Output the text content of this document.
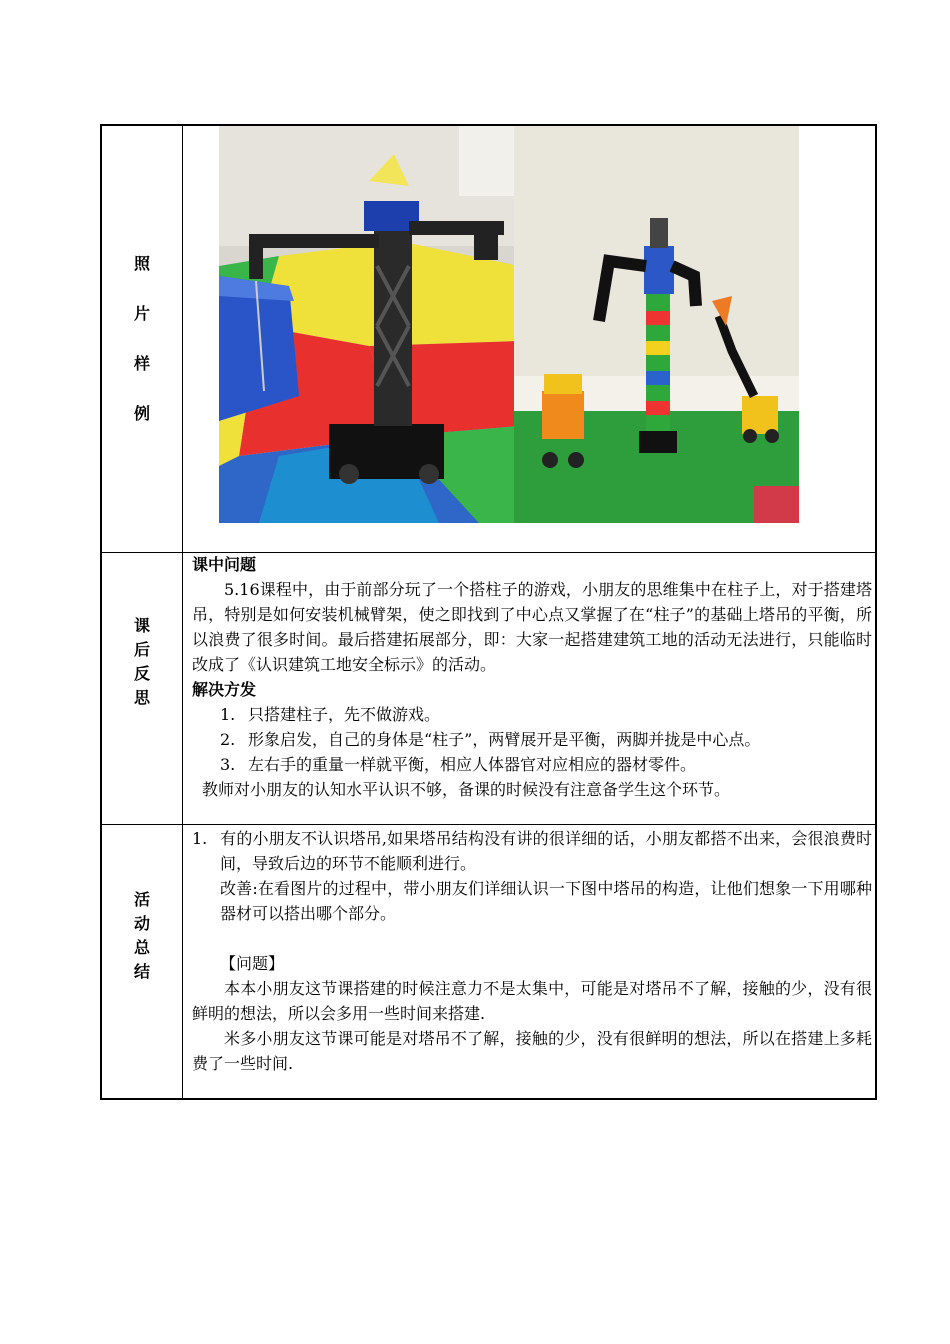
照
片
样
例
课
后
反
思

课中问题

5.16课程中，由于前部分玩了一个搭柱子的游戏，小朋友的思维集中在柱子上，对于搭建塔吊，特别是如何安装机械臂架，使之即找到了中心点又掌握了在“柱子”的基础上塔吊的平衡，所以浪费了很多时间。最后搭建拓展部分，即：大家一起搭建建筑工地的活动无法进行，只能临时改成了《认识建筑工地安全标示》的活动。

解决方发

1. 只搭建柱子，先不做游戏。

2. 形象启发，自己的身体是“柱子”，两臂展开是平衡，两脚并拢是中心点。

3. 左右手的重量一样就平衡，相应人体器官对应相应的器材零件。

教师对小朋友的认知水平认识不够，备课的时候没有注意备学生这个环节。

活
动
总
结

1. 有的小朋友不认识塔吊,如果塔吊结构没有讲的很详细的话，小朋友都搭不出来，会很浪费时间，导致后边的环节不能顺利进行。

改善:在看图片的过程中，带小朋友们详细认识一下图中塔吊的构造，让他们想象一下用哪种器材可以搭出哪个部分。

【问题】

本本小朋友这节课搭建的时候注意力不是太集中，可能是对塔吊不了解，接触的少，没有很鲜明的想法，所以会多用一些时间来搭建.

米多小朋友这节课可能是对塔吊不了解，接触的少，没有很鲜明的想法，所以在搭建上多耗费了一些时间.
